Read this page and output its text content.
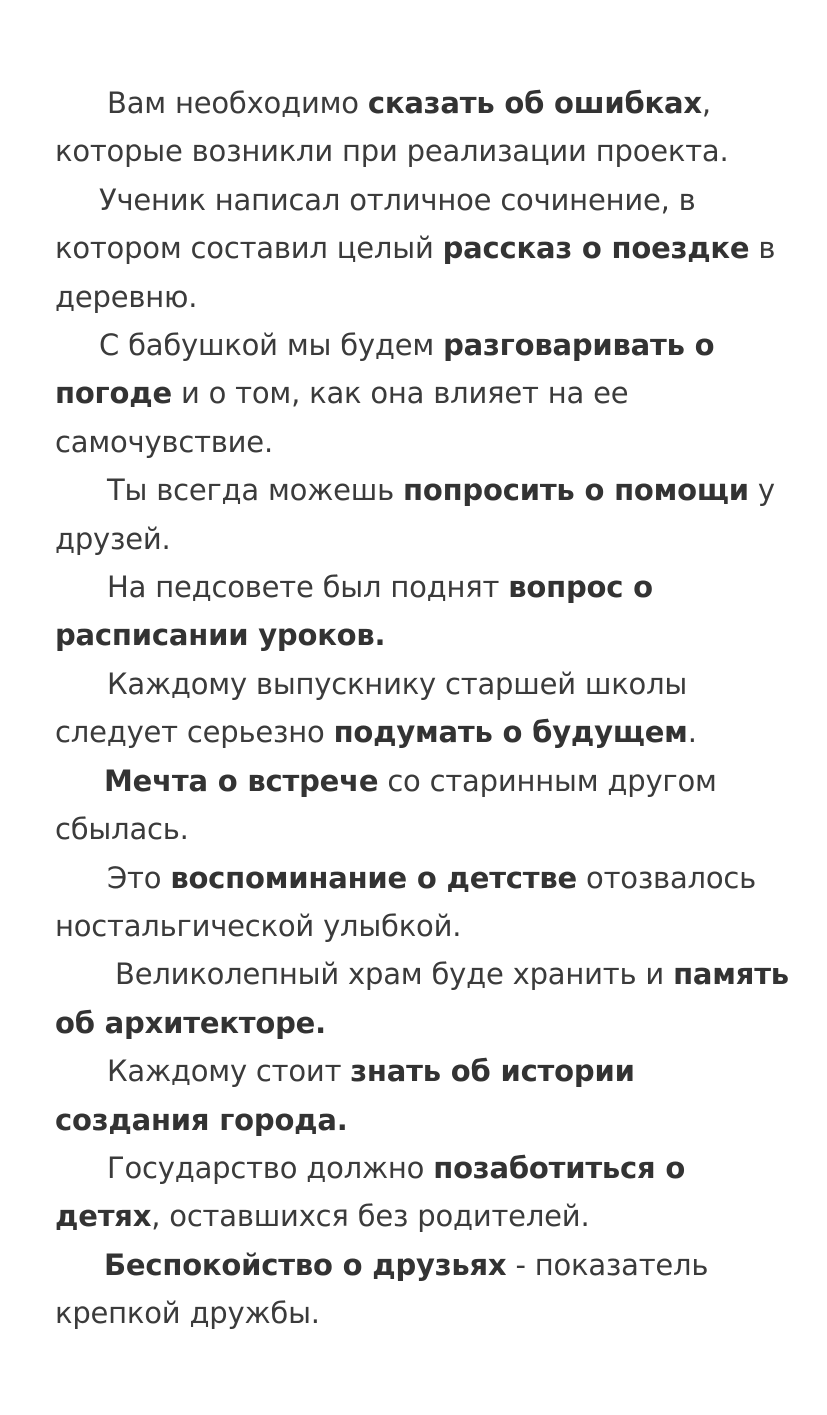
Вам необходимо сказать об ошибках, которые возникли при реализации проекта.

Ученик написал отличное сочинение, в котором составил целый рассказ о поездке в деревню.

С бабушкой мы будем разговаривать о погоде и о том, как она влияет на ее самочувствие.

Ты всегда можешь попросить о помощи у друзей.

На педсовете был поднят вопрос о расписании уроков.

Каждому выпускнику старшей школы следует серьезно подумать о будущем.

Мечта о встрече со старинным другом сбылась.

Это воспоминание о детстве отозвалось ностальгической улыбкой.

Великолепный храм буде хранить и память об архитекторе.

Каждому стоит знать об истории создания города.

Государство должно позаботиться о детях, оставшихся без родителей.

Беспокойство о друзьях - показатель крепкой дружбы.
